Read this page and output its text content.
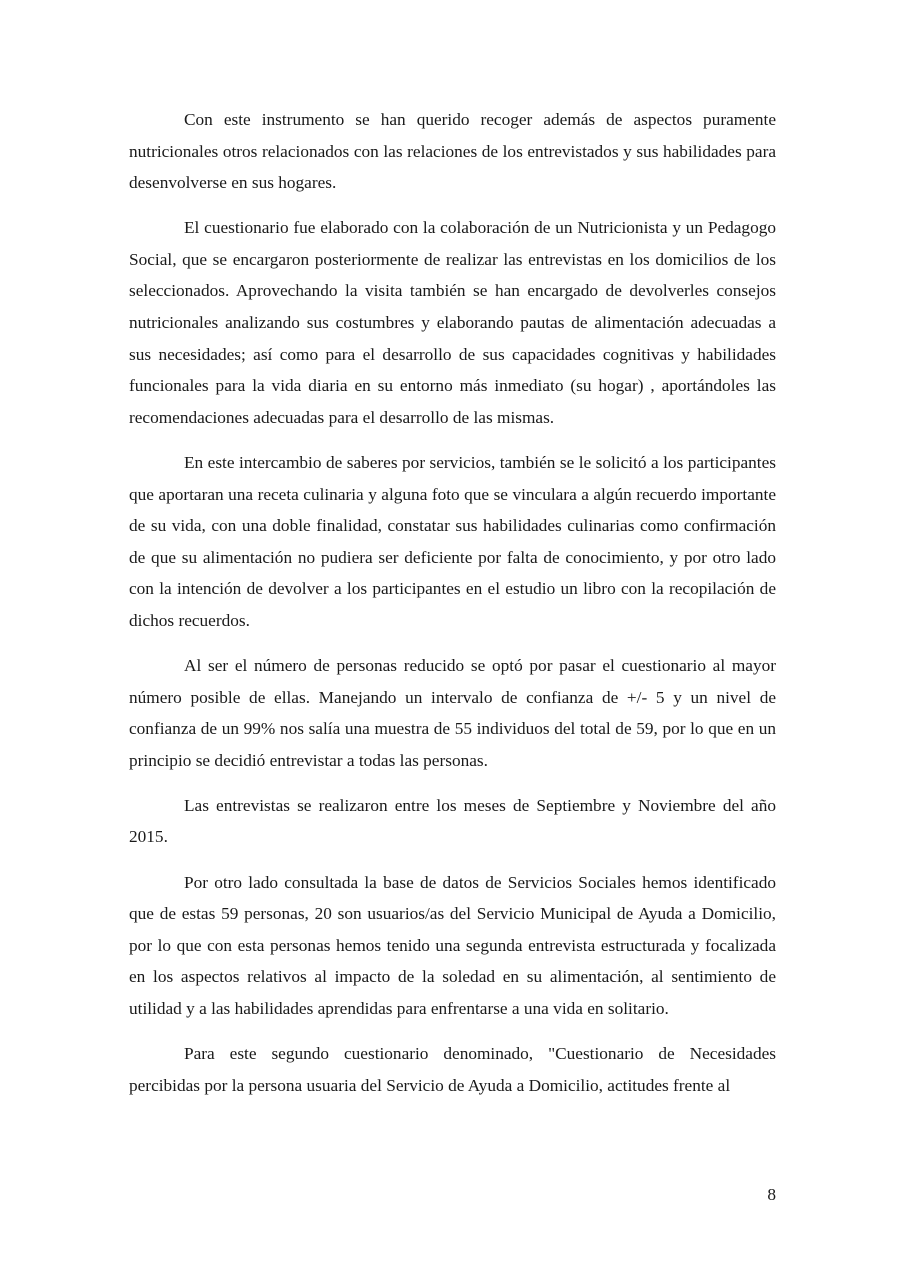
Con este instrumento se han querido recoger además de aspectos puramente nutricionales otros relacionados con las relaciones de los entrevistados y sus habilidades para desenvolverse en sus hogares.

El cuestionario fue elaborado con la colaboración de un Nutricionista y un Pedagogo Social, que se encargaron posteriormente de realizar las entrevistas en los domicilios de los seleccionados. Aprovechando la visita también se han encargado de devolverles consejos nutricionales analizando sus costumbres y elaborando pautas de alimentación adecuadas a sus necesidades; así como para el desarrollo de sus capacidades cognitivas y habilidades funcionales para la vida diaria en su entorno más inmediato (su hogar) , aportándoles las recomendaciones adecuadas para el desarrollo de las mismas.

En este intercambio de saberes por servicios, también se le solicitó a los participantes que aportaran una receta culinaria y alguna foto que se vinculara a algún recuerdo importante de su vida, con una doble finalidad, constatar sus habilidades culinarias como confirmación de que su alimentación no pudiera ser deficiente por falta de conocimiento, y por otro lado con la intención de devolver a los participantes en el estudio un libro con la recopilación de dichos recuerdos.

Al ser el número de personas reducido se optó por pasar el cuestionario al mayor número posible de ellas. Manejando un intervalo de confianza de +/- 5 y un nivel de confianza de un 99% nos salía una muestra de 55 individuos del total de 59, por lo que en un principio se decidió entrevistar a todas las personas.

Las entrevistas se realizaron entre los meses de Septiembre y Noviembre del año 2015.

Por otro lado consultada la base de datos de Servicios Sociales hemos identificado que de estas 59 personas, 20 son usuarios/as del Servicio Municipal de Ayuda a Domicilio, por lo que con esta personas hemos tenido una segunda entrevista estructurada y focalizada en los aspectos relativos al impacto de la soledad en su alimentación, al sentimiento de utilidad y a las habilidades aprendidas para enfrentarse a una vida en solitario.

Para este segundo cuestionario denominado, "Cuestionario de Necesidades percibidas por la persona usuaria del Servicio de Ayuda a Domicilio, actitudes frente al

8
